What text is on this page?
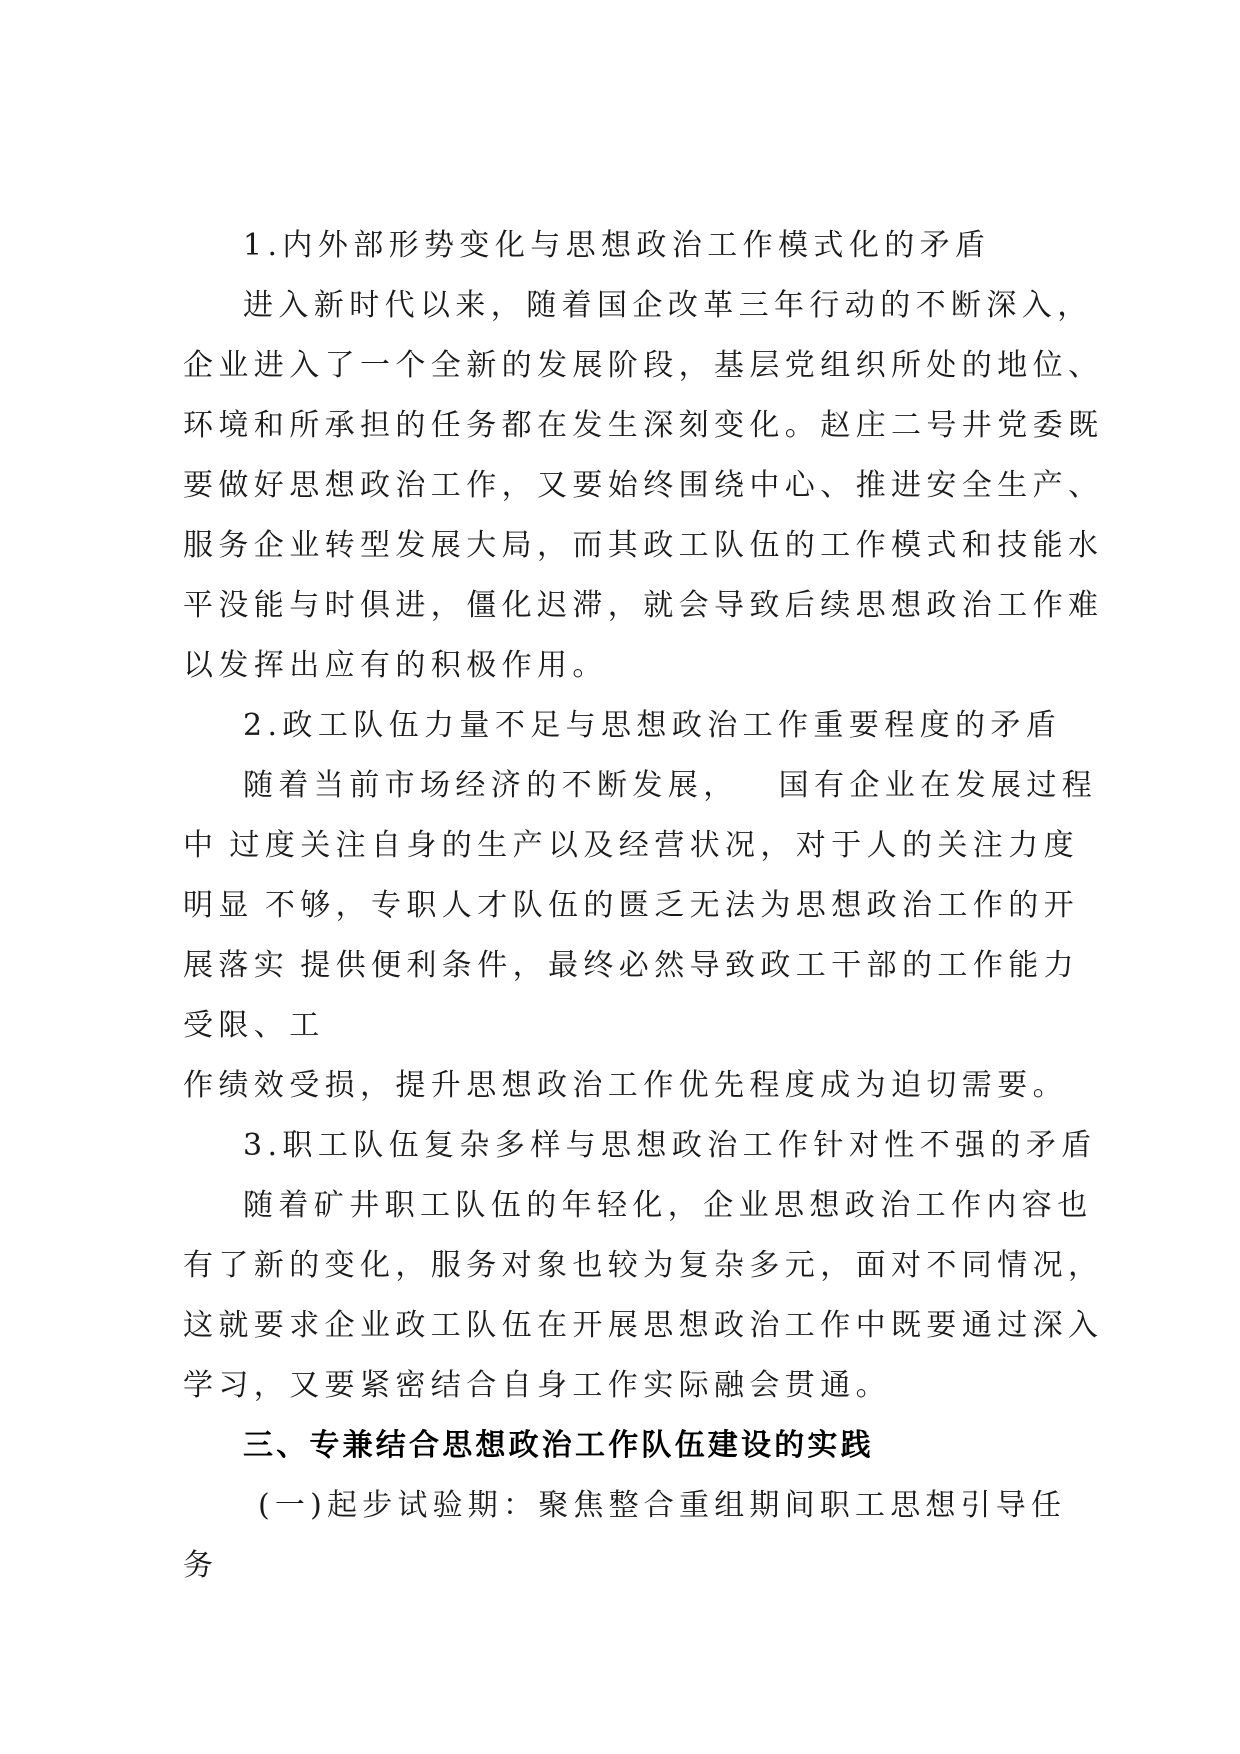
1.内外部形势变化与思想政治工作模式化的矛盾
进入新时代以来，随着国企改革三年行动的不断深入，
企业进入了一个全新的发展阶段，基层党组织所处的地位、
环境和所承担的任务都在发生深刻变化。赵庄二号井党委既
要做好思想政治工作，又要始终围绕中心、推进安全生产、
服务企业转型发展大局，而其政工队伍的工作模式和技能水
平没能与时俱进，僵化迟滞，就会导致后续思想政治工作难
以发挥出应有的积极作用。
2.政工队伍力量不足与思想政治工作重要程度的矛盾
随着当前市场经济的不断发展， 国有企业在发展过程
中 过度关注自身的生产以及经营状况，对于人的关注力度
明显 不够，专职人才队伍的匮乏无法为思想政治工作的开
展落实 提供便利条件，最终必然导致政工干部的工作能力
受限、工
作绩效受损，提升思想政治工作优先程度成为迫切需要。
3.职工队伍复杂多样与思想政治工作针对性不强的矛盾
随着矿井职工队伍的年轻化，企业思想政治工作内容也
有了新的变化，服务对象也较为复杂多元，面对不同情况，
这就要求企业政工队伍在开展思想政治工作中既要通过深入
学习，又要紧密结合自身工作实际融会贯通。
三、专兼结合思想政治工作队伍建设的实践
(一)起步试验期：聚焦整合重组期间职工思想引导任
务
